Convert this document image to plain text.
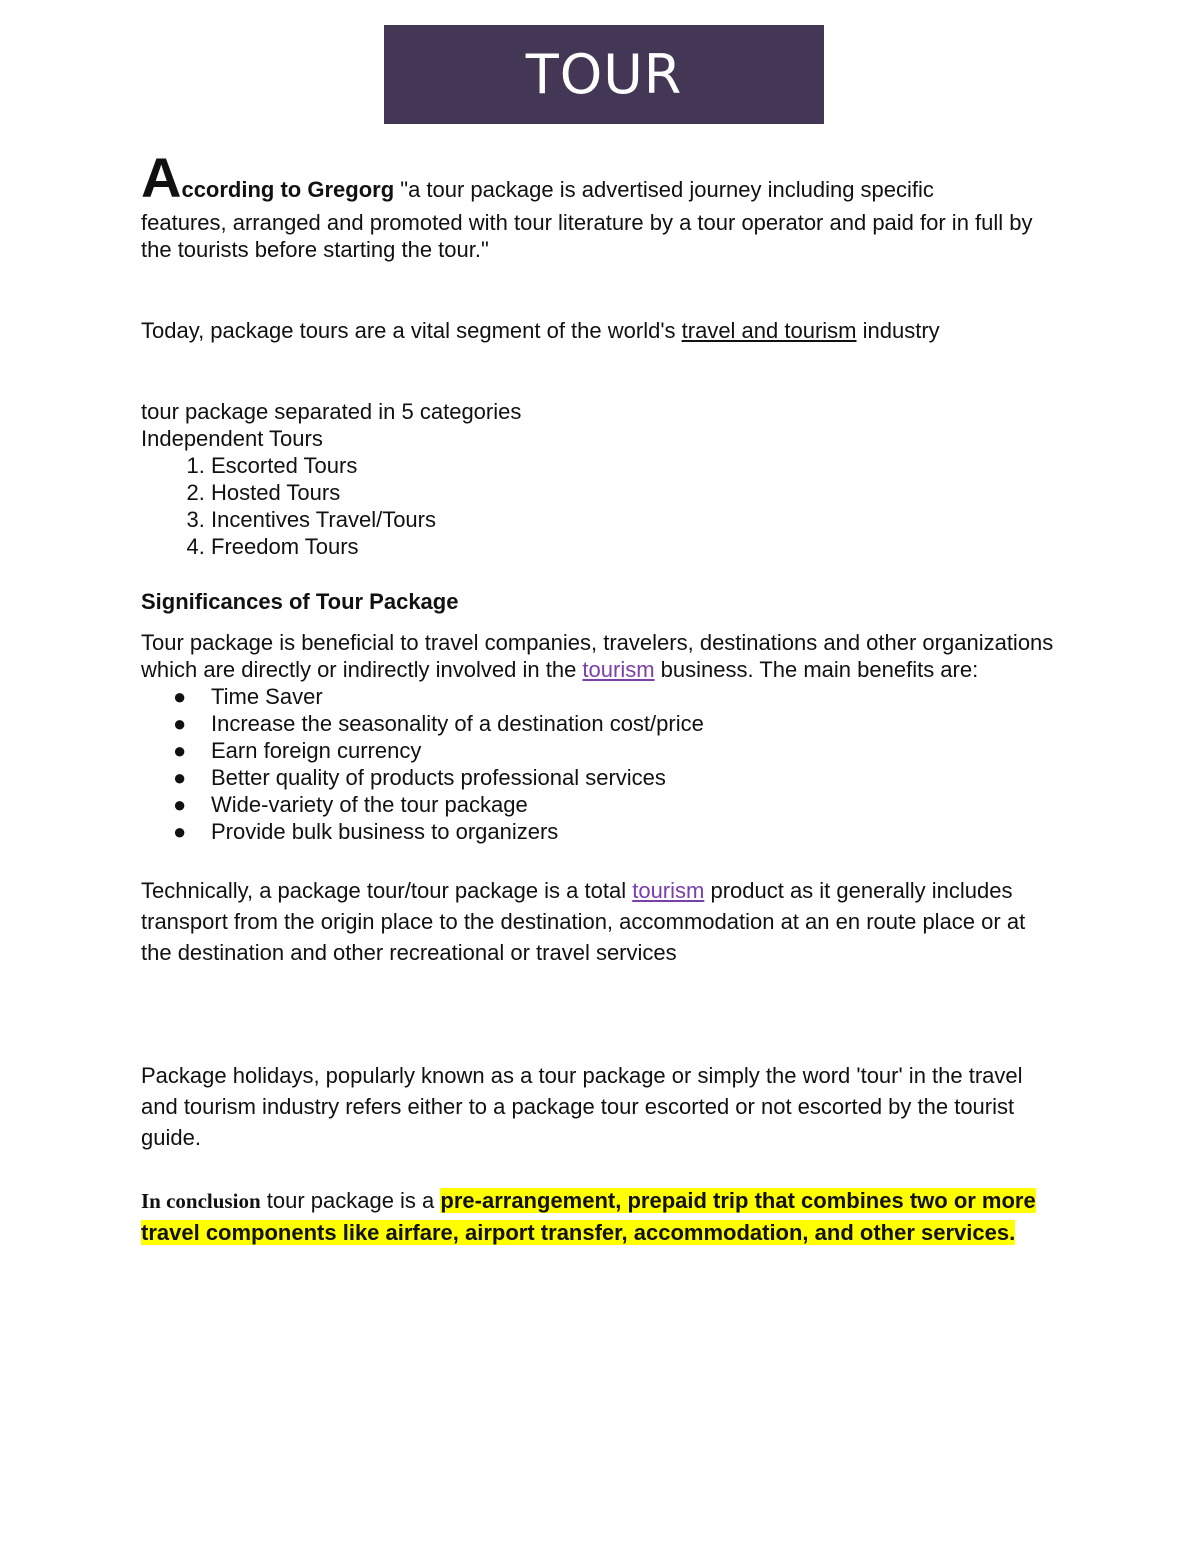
TOUR

According to Gregorg "a tour package is advertised journey including specific
features, arranged and promoted with tour literature by a tour operator and paid for in full by the tourists before starting the tour."

Today, package tours are a vital segment of the world's travel and tourism industry

tour package separated in 5 categories

Independent Tours

1. Escorted Tours
2. Hosted Tours
3. Incentives Travel/Tours
4. Freedom Tours

Significances of Tour Package

Tour package is beneficial to travel companies, travelers, destinations and other organizations which are directly or indirectly involved in the tourism business. The main benefits are:

● Time Saver
● Increase the seasonality of a destination cost/price
● Earn foreign currency
● Better quality of products professional services
● Wide-variety of the tour package
● Provide bulk business to organizers

Technically, a package tour/tour package is a total tourism product as it generally includes transport from the origin place to the destination, accommodation at an en route place or at the destination and other recreational or travel services

Package holidays, popularly known as a tour package or simply the word 'tour' in the travel and tourism industry refers either to a package tour escorted or not escorted by the tourist guide.

In conclusion tour package is a pre-arrangement, prepaid trip that combines two or more travel components like airfare, airport transfer, accommodation, and other services.
